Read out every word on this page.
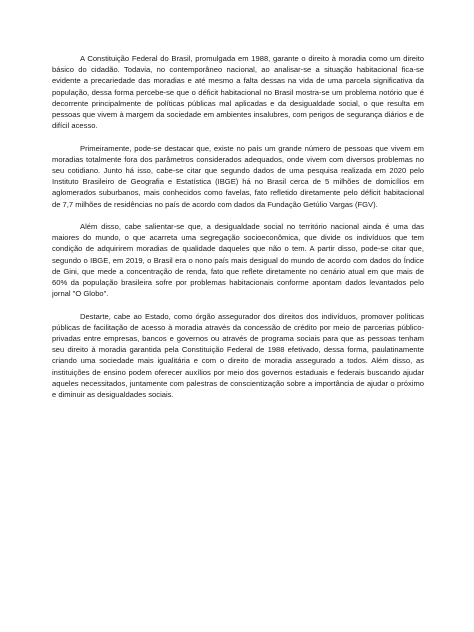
A Constituição Federal do Brasil, promulgada em 1988, garante o direito à moradia como um direito básico do cidadão. Todavia, no contemporâneo nacional, ao analisar-se a situação habitacional fica-se evidente a precariedade das moradias e até mesmo a falta dessas na vida de uma parcela significativa da população, dessa forma percebe-se que o déficit habitacional no Brasil mostra-se um problema notório que é decorrente principalmente de políticas públicas mal aplicadas e da desigualdade social, o que resulta em pessoas que vivem à margem da sociedade em ambientes insalubres, com perigos de segurança diários e de difícil acesso.

Primeiramente, pode-se destacar que, existe no país um grande número de pessoas que vivem em moradias totalmente fora dos parâmetros considerados adequados, onde vivem com diversos problemas no seu cotidiano. Junto há isso, cabe-se citar que segundo dados de uma pesquisa realizada em 2020 pelo Instituto Brasileiro de Geografia e Estatística (IBGE) há no Brasil cerca de 5 milhões de domicílios em aglomerados suburbanos, mais conhecidos como favelas, fato refletido diretamente pelo déficit habitacional de 7,7 milhões de residências no país de acordo com dados da Fundação Getúlio Vargas (FGV).

Além disso, cabe salientar-se que, a desigualdade social no território nacional ainda é uma das maiores do mundo, o que acarreta uma segregação socioeconômica, que divide os indivíduos que tem condição de adquirirem moradias de qualidade daqueles que não o tem. A partir disso, pode-se citar que, segundo o IBGE, em 2019, o Brasil era o nono país mais desigual do mundo de acordo com dados do Índice de Gini, que mede a concentração de renda, fato que reflete diretamente no cenário atual em que mais de 60% da população brasileira sofre por problemas habitacionais conforme apontam dados levantados pelo jornal "O Globo".

Destarte, cabe ao Estado, como órgão assegurador dos direitos dos indivíduos, promover políticas públicas de facilitação de acesso à moradia através da concessão de crédito por meio de parcerias público-privadas entre empresas, bancos e governos ou através de programa sociais para que as pessoas tenham seu direito à moradia garantida pela Constituição Federal de 1988 efetivado, dessa forma, paulatinamente criando uma sociedade mais igualitária e com o direito de moradia assegurado a todos. Além disso, as instituições de ensino podem oferecer auxílios por meio dos governos estaduais e federais buscando ajudar aqueles necessitados, juntamente com palestras de conscientização sobre a importância de ajudar o próximo e diminuir as desigualdades sociais.
